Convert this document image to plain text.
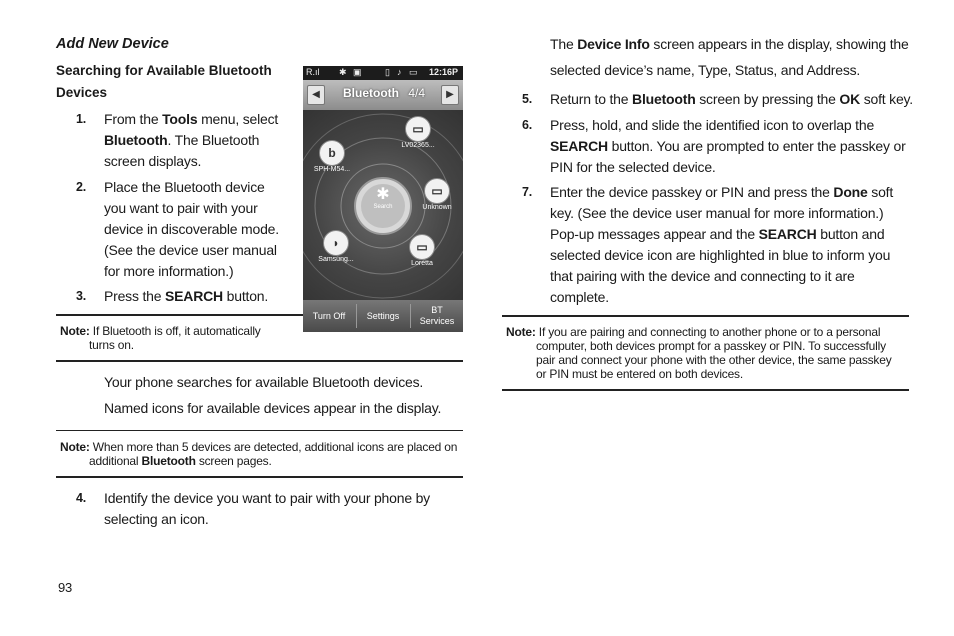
Add New Device
Searching for Available Bluetooth
Devices
1. From the Tools menu, select
Bluetooth. The Bluetooth
screen displays.
2. Place the Bluetooth device
you want to pair with your
device in discoverable mode.
(See the device user manual
for more information.)
3. Press the SEARCH button.
Note: If Bluetooth is off, it automatically
turns on.
Your phone searches for available Bluetooth devices.
Named icons for available devices appear in the display.
Note: When more than 5 devices are detected, additional icons are placed on
additional Bluetooth screen pages.
4. Identify the device you want to pair with your phone by
selecting an icon.
93
R.ıl ✱ ▣	▯ ♪ ▭ 12:16P
◀	Bluetooth 4/4	▶
✱
Search
▭
LV02365...
b
SPH-M54...
▭
Unknown
◗
Samsung...
▭
Loretta
Turn Off	Settings
BT
Services
The Device Info screen appears in the display, showing the
selected device’s name, Type, Status, and Address.
5. Return to the Bluetooth screen by pressing the OK soft key.
6. Press, hold, and slide the identified icon to overlap the
SEARCH button. You are prompted to enter the passkey or
PIN for the selected device.
7. Enter the device passkey or PIN and press the Done soft
key. (See the device user manual for more information.)
Pop-up messages appear and the SEARCH button and
selected device icon are highlighted in blue to inform you
that pairing with the device and connecting to it are
complete.
Note: If you are pairing and connecting to another phone or to a personal
computer, both devices prompt for a passkey or PIN. To successfully
pair and connect your phone with the other device, the same passkey
or PIN must be entered on both devices.
